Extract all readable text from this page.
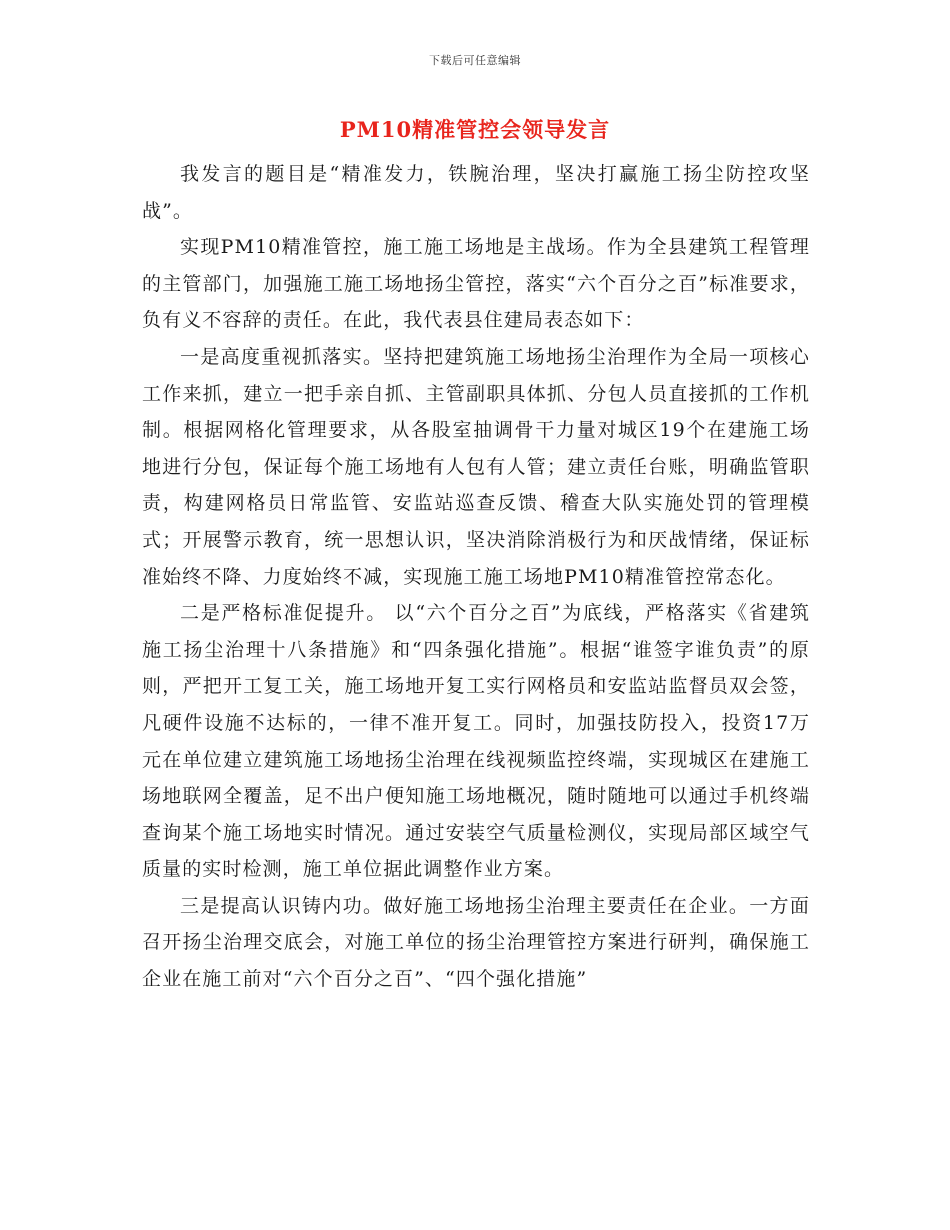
下载后可任意编辑
PM10精准管控会领导发言

我发言的题目是“精准发力，铁腕治理，坚决打赢施工扬尘防控攻坚战”。

实现PM10精准管控，施工施工场地是主战场。作为全县建筑工程管理的主管部门，加强施工施工场地扬尘管控，落实“六个百分之百”标准要求，负有义不容辞的责任。在此，我代表县住建局表态如下：

一是高度重视抓落实。坚持把建筑施工场地扬尘治理作为全局一项核心工作来抓，建立一把手亲自抓、主管副职具体抓、分包人员直接抓的工作机制。根据网格化管理要求，从各股室抽调骨干力量对城区19个在建施工场地进行分包，保证每个施工场地有人包有人管；建立责任台账，明确监管职责，构建网格员日常监管、安监站巡查反馈、稽查大队实施处罚的管理模式；开展警示教育，统一思想认识，坚决消除消极行为和厌战情绪，保证标准始终不降、力度始终不减，实现施工施工场地PM10精准管控常态化。

二是严格标准促提升。 以“六个百分之百”为底线，严格落实《省建筑施工扬尘治理十八条措施》和“四条强化措施”。根据“谁签字谁负责”的原则，严把开工复工关，施工场地开复工实行网格员和安监站监督员双会签，凡硬件设施不达标的，一律不准开复工。同时，加强技防投入，投资17万元在单位建立建筑施工场地扬尘治理在线视频监控终端，实现城区在建施工场地联网全覆盖，足不出户便知施工场地概况，随时随地可以通过手机终端查询某个施工场地实时情况。通过安装空气质量检测仪，实现局部区域空气质量的实时检测，施工单位据此调整作业方案。

三是提高认识铸内功。做好施工场地扬尘治理主要责任在企业。一方面召开扬尘治理交底会，对施工单位的扬尘治理管控方案进行研判，确保施工企业在施工前对“六个百分之百”、“四个强化措施”
